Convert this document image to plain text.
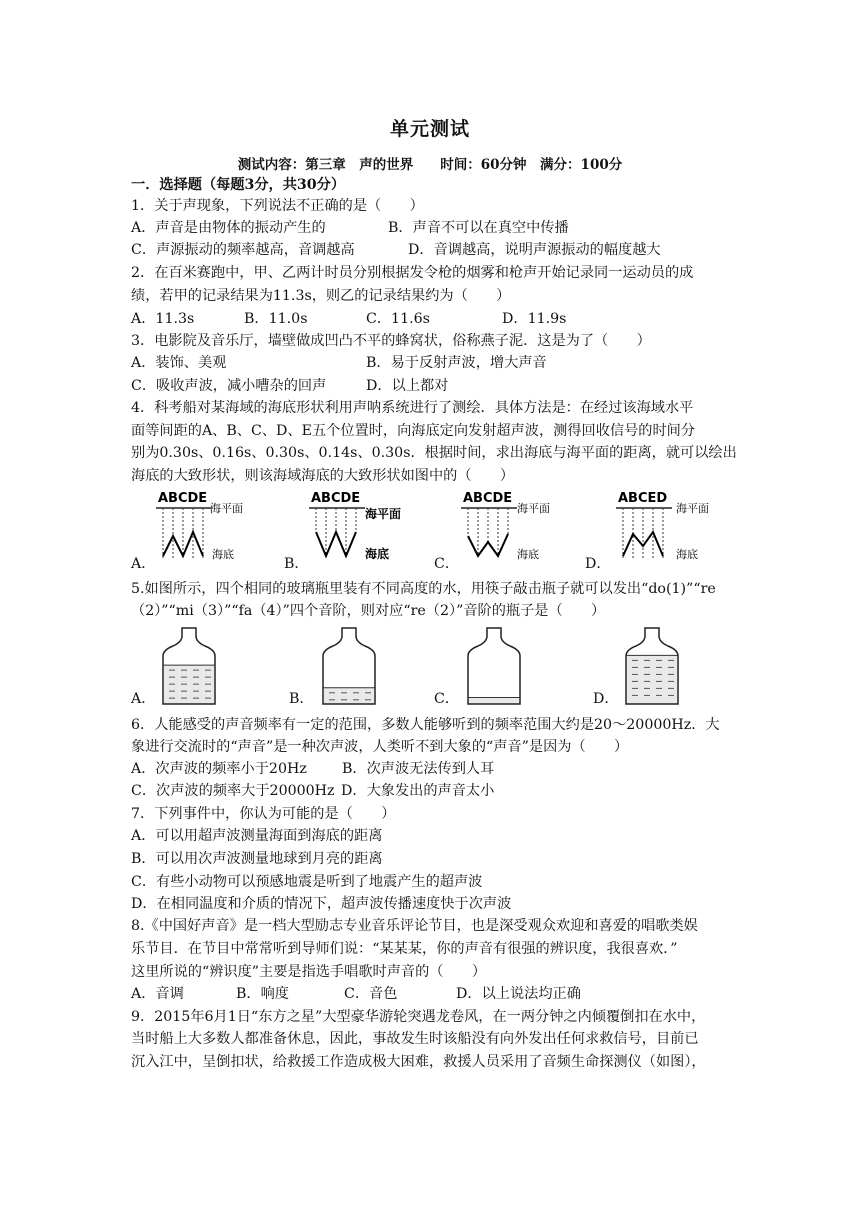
单元测试
测试内容：第三章　声的世界　　时间：60分钟　满分：100分
一．选择题（每题3分，共30分）
1．关于声现象，下列说法不正确的是（　　）
A．声音是由物体的振动产生的	B．声音不可以在真空中传播
C．声源振动的频率越高，音调越高	D．音调越高，说明声源振动的幅度越大
2．在百米赛跑中，甲、乙两计时员分别根据发令枪的烟雾和枪声开始记录同一运动员的成
绩，若甲的记录结果为11.3s，则乙的记录结果约为（　　）
A．11.3s	B．11.0s	C．11.6s	D．11.9s
3．电影院及音乐厅，墙壁做成凹凸不平的蜂窝状，俗称燕子泥．这是为了（　　）
A．装饰、美观	B．易于反射声波，增大声音
C．吸收声波，减小嘈杂的回声	D．以上都对
4．科考船对某海域的海底形状利用声呐系统进行了测绘．具体方法是：在经过该海域水平
面等间距的A、B、C、D、E五个位置时，向海底定向发射超声波，测得回收信号的时间分
别为0.30s、0.16s、0.30s、0.14s、0.30s．根据时间，求出海底与海平面的距离，就可以绘出
海底的大致形状，则该海域海底的大致形状如图中的（　　）
A．	B．	C．	D．
ABCDE
海平面
海底
ABCDE
海平面
海底
ABCDE
海平面
海底
ABCED
海平面
海底
5.如图所示，四个相同的玻璃瓶里装有不同高度的水，用筷子敲击瓶子就可以发出“do(1)”“re
（2）”“mi（3）”“fa（4）”四个音阶，则对应“re（2）”音阶的瓶子是（　　）
A．	B．	C．	D．
6．人能感受的声音频率有一定的范围，多数人能够听到的频率范围大约是20～20000Hz．大
象进行交流时的“声音”是一种次声波，人类听不到大象的“声音”是因为（　　）
A．次声波的频率小于20Hz B．次声波无法传到人耳
C．次声波的频率大于20000Hz D．大象发出的声音太小
7．下列事件中，你认为可能的是（　　）
A．可以用超声波测量海面到海底的距离
B．可以用次声波测量地球到月亮的距离
C．有些小动物可以预感地震是听到了地震产生的超声波
D．在相同温度和介质的情况下，超声波传播速度快于次声波
8.《中国好声音》是一档大型励志专业音乐评论节目，也是深受观众欢迎和喜爱的唱歌类娱
乐节目．在节目中常常听到导师们说：“某某某，你的声音有很强的辨识度，我很喜欢．”
这里所说的“辨识度”主要是指选手唱歌时声音的（　　）
A．音调	B．响度	C．音色	D．以上说法均正确
9．2015年6月1日“东方之星”大型豪华游轮突遇龙卷风，在一两分钟之内倾覆倒扣在水中，
当时船上大多数人都准备休息，因此，事故发生时该船没有向外发出任何求救信号，目前已
沉入江中，呈倒扣状，给救援工作造成极大困难，救援人员采用了音频生命探测仪（如图），
